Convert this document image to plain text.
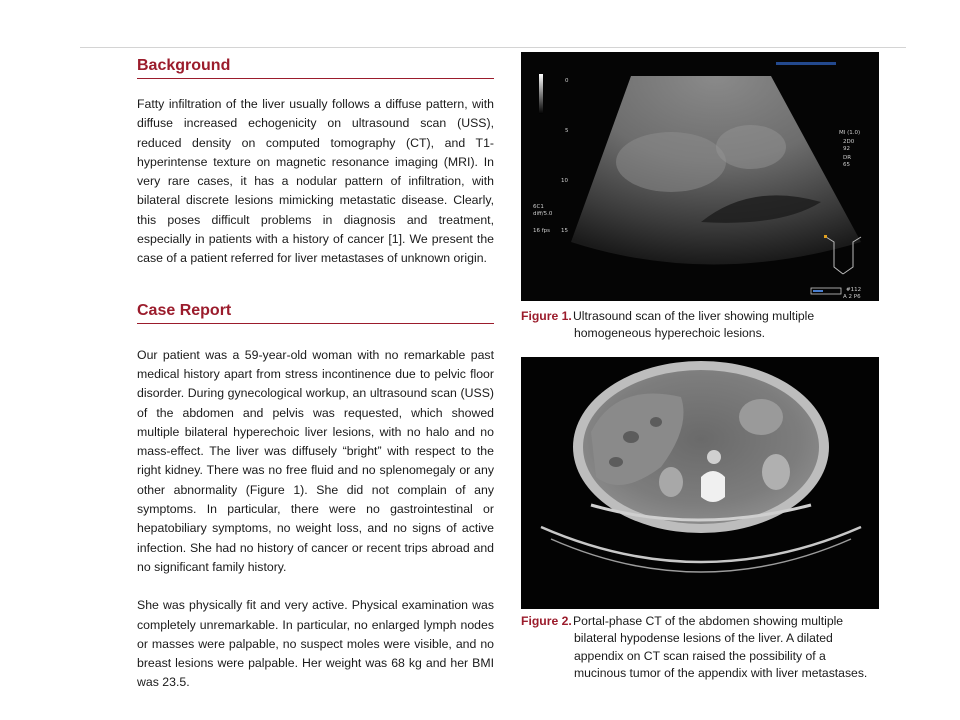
Background

Fatty infiltration of the liver usually follows a diffuse pattern, with diffuse increased echogenicity on ultrasound scan (USS), reduced density on computed tomography (CT), and T1-hyperintense texture on magnetic resonance imaging (MRI). In very rare cases, it has a nodular pattern of infiltration, with bilateral discrete lesions mimicking metastatic disease. Clearly, this poses difficult problems in diagnosis and treatment, especially in patients with a history of cancer [1]. We present the case of a patient referred for liver metastases of unknown origin.

Case Report

Our patient was a 59-year-old woman with no remarkable past medical history apart from stress incontinence due to pelvic floor disorder. During gynecological workup, an ultrasound scan (USS) of the abdomen and pelvis was requested, which showed multiple bilateral hyperechoic liver lesions, with no halo and no mass-effect. The liver was diffusely “bright” with respect to the right kidney. There was no free fluid and no splenomegaly or any other abnormality (Figure 1). She did not complain of any symptoms. In particular, there were no gastrointestinal or hepatobiliary symptoms, no weight loss, and no signs of active infection. She had no history of cancer or recent trips abroad and no significant family history.

She was physically fit and very active. Physical examination was completely unremarkable. In particular, no enlarged lymph nodes or masses were palpable, no suspect moles were visible, and no breast lesions were palpable. Her weight was 68 kg and her BMI was 23.5.

0
5
10
15
6C1
diff/5.0
16 fps
MI (1.0)
2D0
92
DR
65
#112
A 2 P6
Figure 1. Ultrasound scan of the liver showing multiple
homogeneous hyperechoic lesions.
Figure 2. Portal-phase CT of the abdomen showing multiple
bilateral hypodense lesions of the liver. A dilated
appendix on CT scan raised the possibility of a
mucinous tumor of the appendix with liver metastases.
